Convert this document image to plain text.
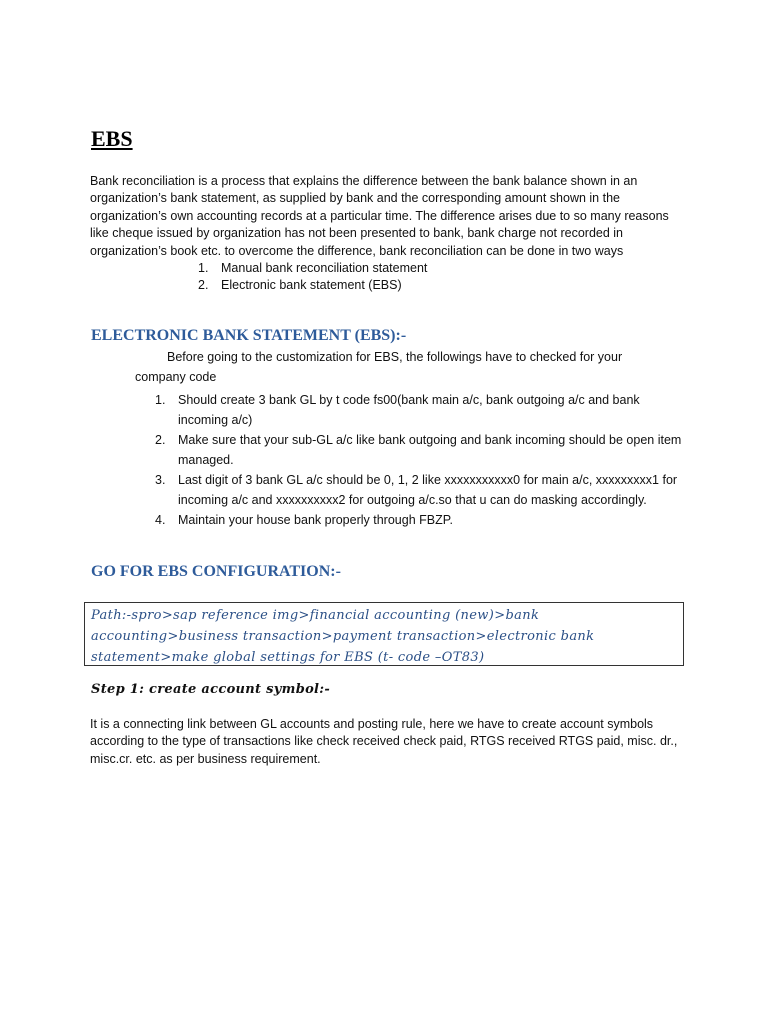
EBS

Bank reconciliation is a process that explains the difference between the bank balance shown in an organization’s bank statement, as supplied by bank and the corresponding amount shown in the organization’s own accounting records at a particular time. The difference arises due to so many reasons like cheque issued by organization has not been presented to bank, bank charge not recorded in organization’s book etc. to overcome the difference, bank reconciliation can be done in two ways

1.	Manual bank reconciliation statement
2.	Electronic bank statement (EBS)
ELECTRONIC BANK STATEMENT (EBS):-

Before going to the customization for EBS, the followings have to checked for your

company code

1.	Should create 3 bank GL by t code fs00(bank main a/c, bank outgoing a/c and bank incoming a/c)
2.	Make sure that your sub-GL a/c like bank outgoing and bank incoming should be open item managed.
3.	Last digit of 3 bank GL a/c should be 0, 1, 2 like xxxxxxxxxxx0 for main a/c, xxxxxxxxx1 for incoming a/c and xxxxxxxxxx2 for outgoing a/c.so that u can do masking accordingly.
4.	Maintain your house bank properly through FBZP.
GO FOR EBS CONFIGURATION:-

Path:-spro>sap reference img>financial accounting (new)>bank

accounting>business transaction>payment transaction>electronic bank

statement>make global settings for EBS (t- code –OT83)

Step 1: create account symbol:-

It is a connecting link between GL accounts and posting rule, here we have to create account symbols according to the type of transactions like check received check paid, RTGS received RTGS paid, misc. dr., misc.cr. etc. as per business requirement.
